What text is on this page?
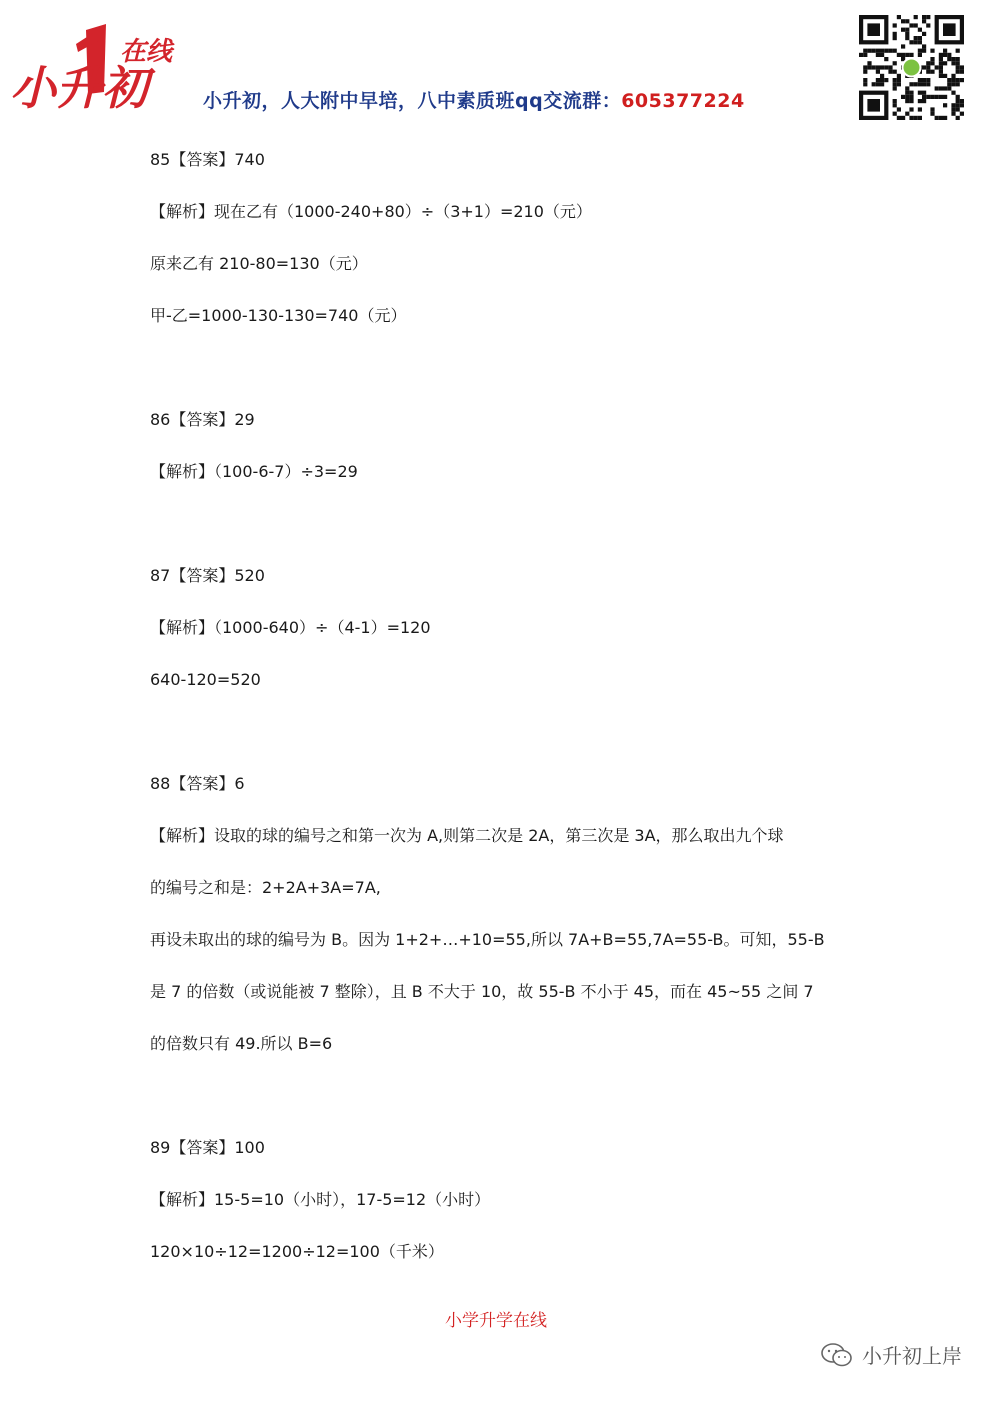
在线
小升初	小升初，人大附中早培，八中素质班qq交流群：605377224
85【答案】740
【解析】现在乙有（1000-240+80）÷（3+1）=210（元）
原来乙有 210-80=130（元）
甲-乙=1000-130-130=740（元）
86【答案】29
【解析】（100-6-7）÷3=29
87【答案】520
【解析】（1000-640）÷（4-1）=120
640-120=520
88【答案】6
【解析】设取的球的编号之和第一次为 A,则第二次是 2A，第三次是 3A，那么取出九个球
的编号之和是：2+2A+3A=7A,
再设未取出的球的编号为 B。因为 1+2+…+10=55,所以 7A+B=55,7A=55-B。可知，55-B
是 7 的倍数（或说能被 7 整除），且 B 不大于 10，故 55-B 不小于 45，而在 45~55 之间 7
的倍数只有 49.所以 B=6
89【答案】100
【解析】15-5=10（小时），17-5=12（小时）
120×10÷12=1200÷12=100（千米）
小学升学在线
小升初上岸
